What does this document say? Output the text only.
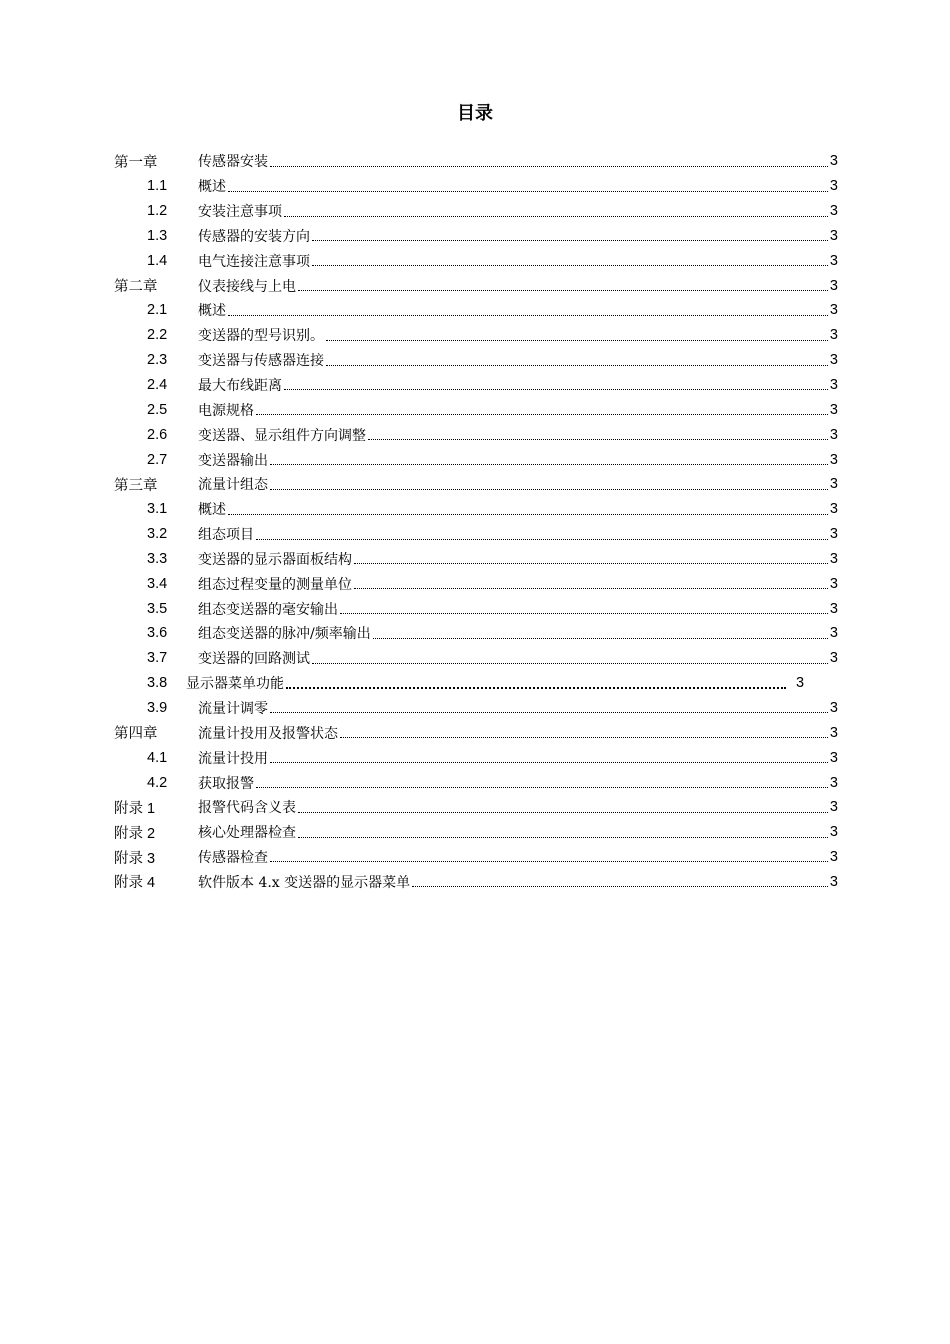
目录
第一章	传感器安装	3
1.1	概述	3
1.2	安装注意事项	3
1.3	传感器的安装方向	3
1.4	电气连接注意事项	3
第二章	仪表接线与上电	3
2.1	概述	3
2.2	变送器的型号识别。	3
2.3	变送器与传感器连接	3
2.4	最大布线距离	3
2.5	电源规格	3
2.6	变送器、显示组件方向调整	3
2.7	变送器输出	3
第三章	流量计组态	3
3.1	概述	3
3.2	组态项目	3
3.3	变送器的显示器面板结构	3
3.4	组态过程变量的测量单位	3
3.5	组态变送器的毫安输出	3
3.6	组态变送器的脉冲/频率输出	3
3.7	变送器的回路测试	3
3.8	显示器菜单功能	3
3.9	流量计调零	3
第四章	流量计投用及报警状态	3
4.1	流量计投用	3
4.2	获取报警	3
附录 1	报警代码含义表	3
附录 2	核心处理器检查	3
附录 3	传感器检查	3
附录 4	软件版本 4.x 变送器的显示器菜单	3
